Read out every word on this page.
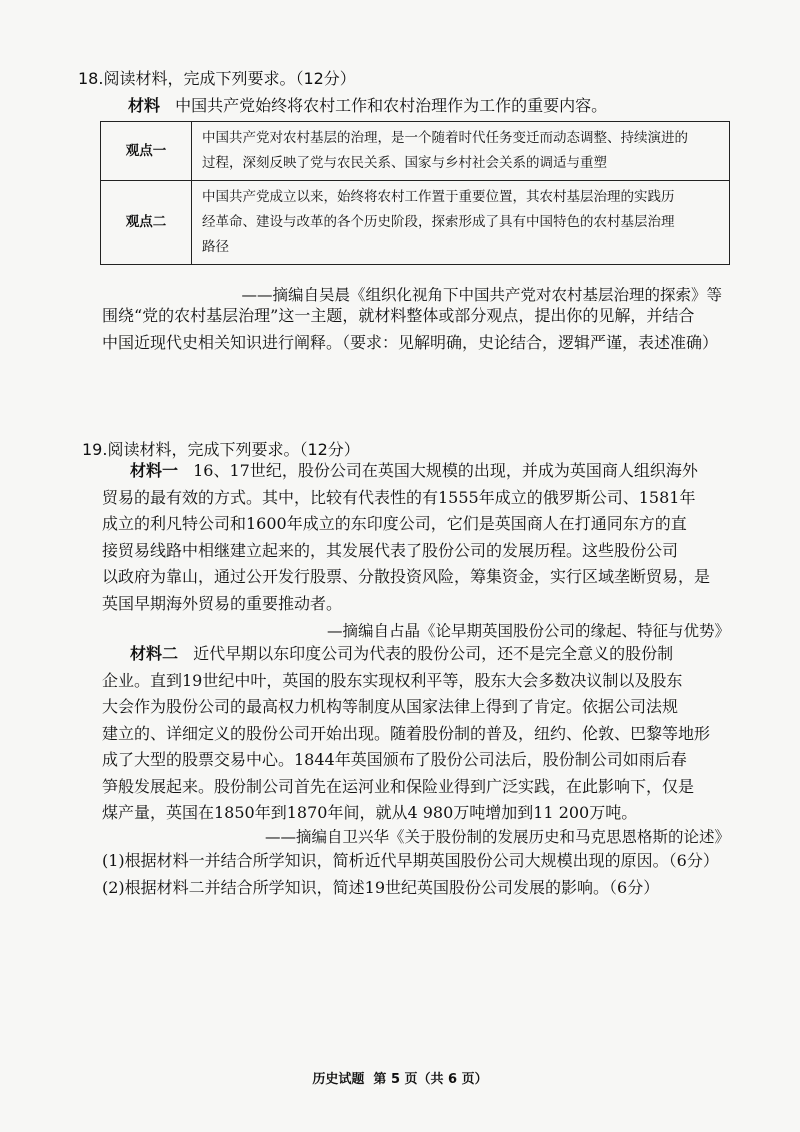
18.阅读材料，完成下列要求。（12分）
材料 中国共产党始终将农村工作和农村治理作为工作的重要内容。
观点一	中国共产党对农村基层的治理，是一个随着时代任务变迁而动态调整、持续演进的
过程，深刻反映了党与农民关系、国家与乡村社会关系的调适与重塑

观点二	中国共产党成立以来，始终将农村工作置于重要位置，其农村基层治理的实践历
经革命、建设与改革的各个历史阶段，探索形成了具有中国特色的农村基层治理
路径
——摘编自吴晨《组织化视角下中国共产党对农村基层治理的探索》等
围绕“党的农村基层治理”这一主题，就材料整体或部分观点，提出你的见解，并结合
中国近现代史相关知识进行阐释。（要求：见解明确，史论结合，逻辑严谨，表述准确）
19.阅读材料，完成下列要求。（12分）
材料一 16、17世纪，股份公司在英国大规模的出现，并成为英国商人组织海外
贸易的最有效的方式。其中，比较有代表性的有1555年成立的俄罗斯公司、1581年
成立的利凡特公司和1600年成立的东印度公司，它们是英国商人在打通同东方的直
接贸易线路中相继建立起来的，其发展代表了股份公司的发展历程。这些股份公司
以政府为靠山，通过公开发行股票、分散投资风险，筹集资金，实行区域垄断贸易，是
英国早期海外贸易的重要推动者。
—摘编自占晶《论早期英国股份公司的缘起、特征与优势》
材料二 近代早期以东印度公司为代表的股份公司，还不是完全意义的股份制
企业。直到19世纪中叶，英国的股东实现权利平等，股东大会多数决议制以及股东
大会作为股份公司的最高权力机构等制度从国家法律上得到了肯定。依据公司法规
建立的、详细定义的股份公司开始出现。随着股份制的普及，纽约、伦敦、巴黎等地形
成了大型的股票交易中心。1844年英国颁布了股份公司法后，股份制公司如雨后春
笋般发展起来。股份制公司首先在运河业和保险业得到广泛实践，在此影响下，仅是
煤产量，英国在1850年到1870年间，就从4 980万吨增加到11 200万吨。
——摘编自卫兴华《关于股份制的发展历史和马克思恩格斯的论述》
(1)根据材料一并结合所学知识，简析近代早期英国股份公司大规模出现的原因。（6分）
(2)根据材料二并结合所学知识，简述19世纪英国股份公司发展的影响。（6分）
历史试题  第 5 页（共 6 页）
